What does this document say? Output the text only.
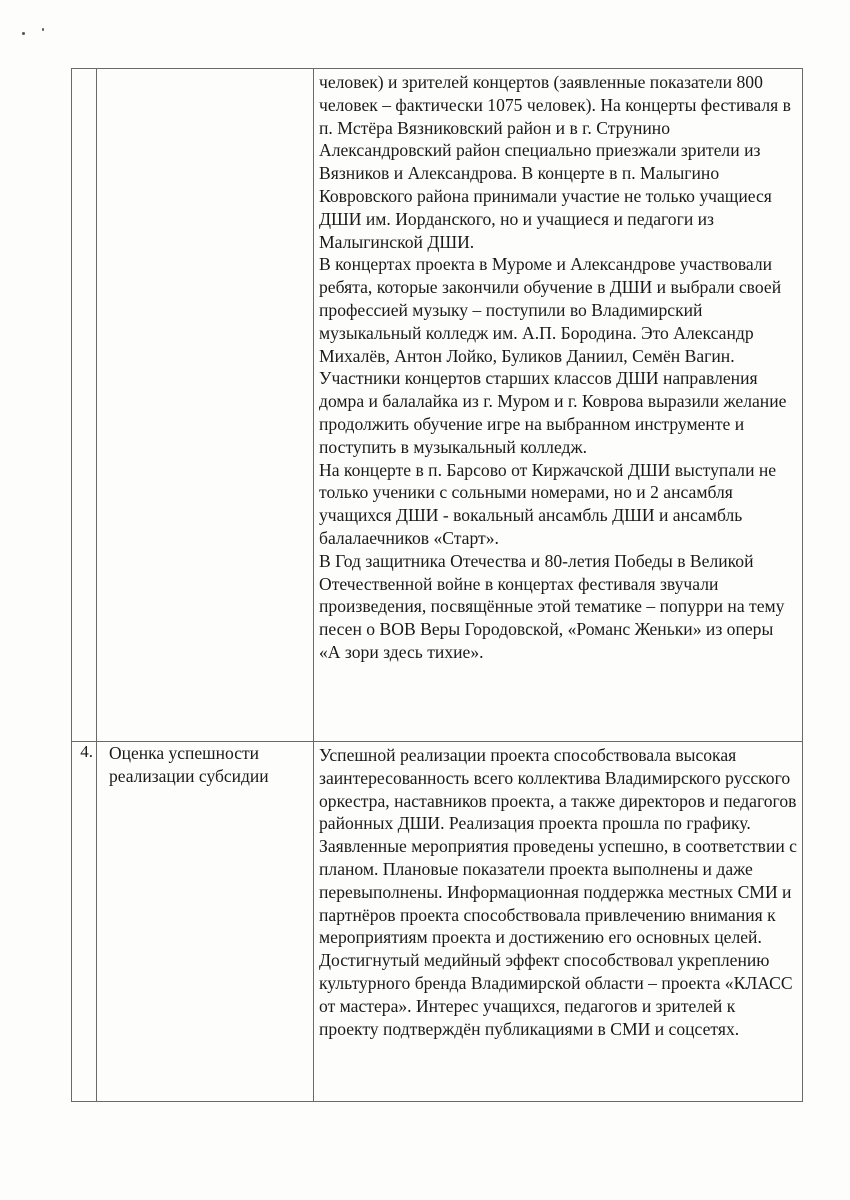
		человек) и зрителей концертов (заявленные показатели 800 человек – фактически 1075 человек). На концерты фестиваля в п. Мстёра Вязниковский район и в г. Струнино Александровский район специально приезжали зрители из Вязников и Александрова. В концерте в п. Малыгино Ковровского района принимали участие не только учащиеся ДШИ им. Иорданского, но и учащиеся и педагоги из Малыгинской ДШИ.

В концертах проекта в Муроме и Александрове участвовали ребята, которые закончили обучение в ДШИ и выбрали своей профессией музыку – поступили во Владимирский музыкальный колледж им. А.П. Бородина. Это Александр Михалёв, Антон Лойко, Буликов Даниил, Семён Вагин.

Участники концертов старших классов ДШИ направления домра и балалайка из г. Муром и г. Коврова выразили желание продолжить обучение игре на выбранном инструменте и поступить в музыкальный колледж.

На концерте в п. Барсово от Киржачской ДШИ выступали не только ученики с сольными номерами, но и 2 ансамбля учащихся ДШИ - вокальный ансамбль ДШИ и ансамбль балалаечников «Старт».

В Год защитника Отечества и 80-летия Победы в Великой Отечественной войне в концертах фестиваля звучали произведения, посвящённые этой тематике – попурри на тему песен о ВОВ Веры Городовской, «Романс Женьки» из оперы «А зори здесь тихие».

4.	Оценка успешности реализации субсидии	Успешной реализации проекта способствовала высокая заинтересованность всего коллектива Владимирского русского оркестра, наставников проекта, а также директоров и педагогов районных ДШИ. Реализация проекта прошла по графику. Заявленные мероприятия проведены успешно, в соответствии с планом. Плановые показатели проекта выполнены и даже перевыполнены. Информационная поддержка местных СМИ и партнёров проекта способствовала привлечению внимания к мероприятиям проекта и достижению его основных целей. Достигнутый медийный эффект способствовал укреплению культурного бренда Владимирской области – проекта «КЛАСС от мастера». Интерес учащихся, педагогов и зрителей к проекту подтверждён публикациями в СМИ и соцсетях.
